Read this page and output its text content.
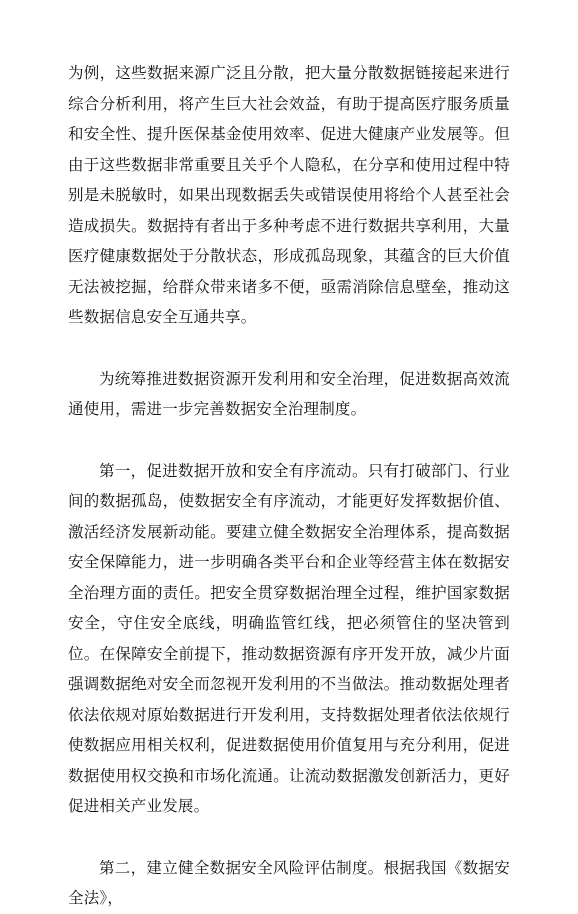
为例，这些数据来源广泛且分散，把大量分散数据链接起来进行综合分析利用，将产生巨大社会效益，有助于提高医疗服务质量和安全性、提升医保基金使用效率、促进大健康产业发展等。但由于这些数据非常重要且关乎个人隐私，在分享和使用过程中特别是未脱敏时，如果出现数据丢失或错误使用将给个人甚至社会造成损失。数据持有者出于多种考虑不进行数据共享利用，大量医疗健康数据处于分散状态，形成孤岛现象，其蕴含的巨大价值无法被挖掘，给群众带来诸多不便，亟需消除信息壁垒，推动这些数据信息安全互通共享。

为统筹推进数据资源开发利用和安全治理，促进数据高效流通使用，需进一步完善数据安全治理制度。

第一，促进数据开放和安全有序流动。只有打破部门、行业间的数据孤岛，使数据安全有序流动，才能更好发挥数据价值、激活经济发展新动能。要建立健全数据安全治理体系，提高数据安全保障能力，进一步明确各类平台和企业等经营主体在数据安全治理方面的责任。把安全贯穿数据治理全过程，维护国家数据安全，守住安全底线，明确监管红线，把必须管住的坚决管到位。在保障安全前提下，推动数据资源有序开发开放，减少片面强调数据绝对安全而忽视开发利用的不当做法。推动数据处理者依法依规对原始数据进行开发利用，支持数据处理者依法依规行使数据应用相关权利，促进数据使用价值复用与充分利用，促进数据使用权交换和市场化流通。让流动数据激发创新活力，更好促进相关产业发展。

第二，建立健全数据安全风险评估制度。根据我国《数据安全法》，
